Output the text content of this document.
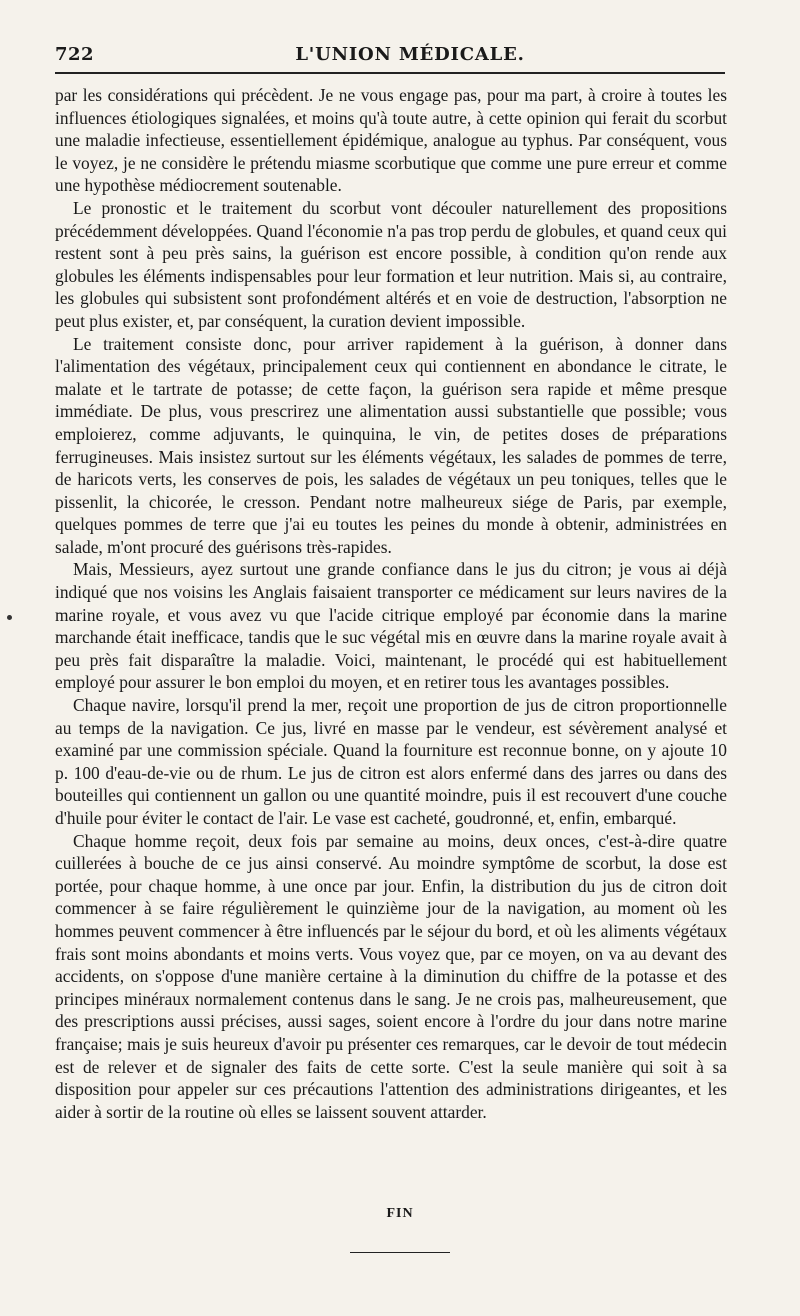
722	L'UNION MÉDICALE.

par les considérations qui précèdent. Je ne vous engage pas, pour ma part, à croire à toutes les influences étiologiques signalées, et moins qu'à toute autre, à cette opinion qui ferait du scorbut une maladie infectieuse, essentiellement épidémique, analogue au typhus. Par conséquent, vous le voyez, je ne considère le prétendu miasme scorbutique que comme une pure erreur et comme une hypothèse médiocrement soutenable.

Le pronostic et le traitement du scorbut vont découler naturellement des propositions précédemment développées. Quand l'économie n'a pas trop perdu de globules, et quand ceux qui restent sont à peu près sains, la guérison est encore possible, à condition qu'on rende aux globules les éléments indispensables pour leur formation et leur nutrition. Mais si, au contraire, les globules qui subsistent sont profondément altérés et en voie de destruction, l'absorption ne peut plus exister, et, par conséquent, la curation devient impossible.

Le traitement consiste donc, pour arriver rapidement à la guérison, à donner dans l'alimentation des végétaux, principalement ceux qui contiennent en abondance le citrate, le malate et le tartrate de potasse; de cette façon, la guérison sera rapide et même presque immédiate. De plus, vous prescrirez une alimentation aussi substantielle que possible; vous emploierez, comme adjuvants, le quinquina, le vin, de petites doses de préparations ferrugineuses. Mais insistez surtout sur les éléments végétaux, les salades de pommes de terre, de haricots verts, les conserves de pois, les salades de végétaux un peu toniques, telles que le pissenlit, la chicorée, le cresson. Pendant notre malheureux siége de Paris, par exemple, quelques pommes de terre que j'ai eu toutes les peines du monde à obtenir, administrées en salade, m'ont procuré des guérisons très-rapides.

Mais, Messieurs, ayez surtout une grande confiance dans le jus du citron; je vous ai déjà indiqué que nos voisins les Anglais faisaient transporter ce médicament sur leurs navires de la marine royale, et vous avez vu que l'acide citrique employé par économie dans la marine marchande était inefficace, tandis que le suc végétal mis en œuvre dans la marine royale avait à peu près fait disparaître la maladie. Voici, maintenant, le procédé qui est habituellement employé pour assurer le bon emploi du moyen, et en retirer tous les avantages possibles.

Chaque navire, lorsqu'il prend la mer, reçoit une proportion de jus de citron proportionnelle au temps de la navigation. Ce jus, livré en masse par le vendeur, est sévèrement analysé et examiné par une commission spéciale. Quand la fourniture est reconnue bonne, on y ajoute 10 p. 100 d'eau-de-vie ou de rhum. Le jus de citron est alors enfermé dans des jarres ou dans des bouteilles qui contiennent un gallon ou une quantité moindre, puis il est recouvert d'une couche d'huile pour éviter le contact de l'air. Le vase est cacheté, goudronné, et, enfin, embarqué.

Chaque homme reçoit, deux fois par semaine au moins, deux onces, c'est-à-dire quatre cuillerées à bouche de ce jus ainsi conservé. Au moindre symptôme de scorbut, la dose est portée, pour chaque homme, à une once par jour. Enfin, la distribution du jus de citron doit commencer à se faire régulièrement le quinzième jour de la navigation, au moment où les hommes peuvent commencer à être influencés par le séjour du bord, et où les aliments végétaux frais sont moins abondants et moins verts. Vous voyez que, par ce moyen, on va au devant des accidents, on s'oppose d'une manière certaine à la diminution du chiffre de la potasse et des principes minéraux normalement contenus dans le sang. Je ne crois pas, malheureusement, que des prescriptions aussi précises, aussi sages, soient encore à l'ordre du jour dans notre marine française; mais je suis heureux d'avoir pu présenter ces remarques, car le devoir de tout médecin est de relever et de signaler des faits de cette sorte. C'est la seule manière qui soit à sa disposition pour appeler sur ces précautions l'attention des administrations dirigeantes, et les aider à sortir de la routine où elles se laissent souvent attarder.

FIN
